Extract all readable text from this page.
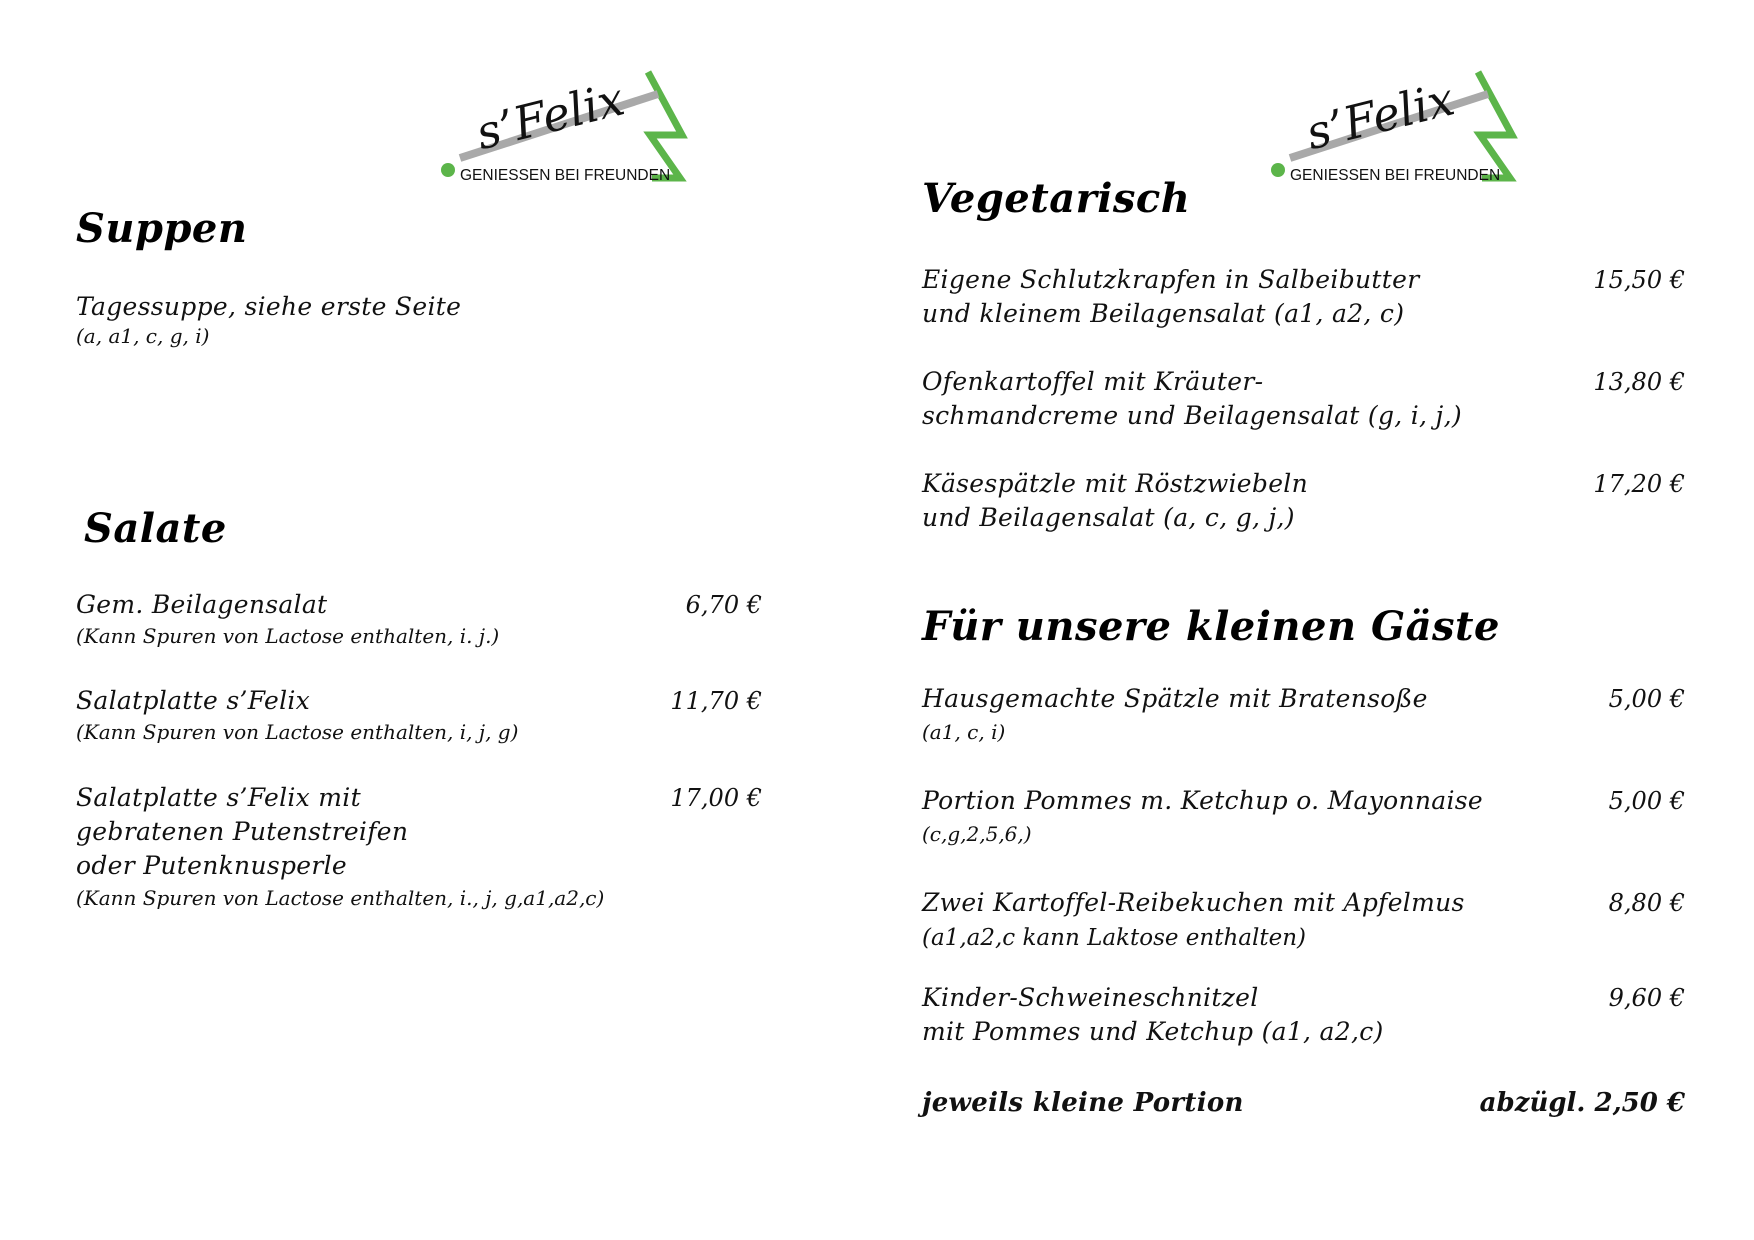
s’Felix
GENIESSEN BEI FREUNDEN
s’Felix
GENIESSEN BEI FREUNDEN
Suppen
Tagessuppe, siehe erste Seite
(a, a1, c, g, i)
Salate
Gem. Beilagensalat
(Kann Spuren von Lactose enthalten, i. j.)
6,70 €
Salatplatte s’Felix
(Kann Spuren von Lactose enthalten, i, j, g)
11,70 €
Salatplatte s’Felix mit
gebratenen Putenstreifen
oder Putenknusperle
(Kann Spuren von Lactose enthalten, i., j, g,a1,a2,c)
17,00 €
Vegetarisch
Eigene Schlutzkrapfen in Salbeibutter
und kleinem Beilagensalat (a1, a2, c)
15,50 €
Ofenkartoffel mit Kräuter-
schmandcreme und Beilagensalat (g, i, j,)
13,80 €
Käsespätzle mit Röstzwiebeln
und Beilagensalat (a, c, g, j,)
17,20 €
Für unsere kleinen Gäste
Hausgemachte Spätzle mit Bratensoße
(a1, c, i)
5,00 €
Portion Pommes m. Ketchup o. Mayonnaise
(c,g,2,5,6,)
5,00 €
Zwei Kartoffel-Reibekuchen mit Apfelmus
(a1,a2,c kann Laktose enthalten)
8,80 €
Kinder-Schweineschnitzel
mit Pommes und Ketchup (a1, a2,c)
9,60 €
jeweils kleine Portion	abzügl. 2,50 €
